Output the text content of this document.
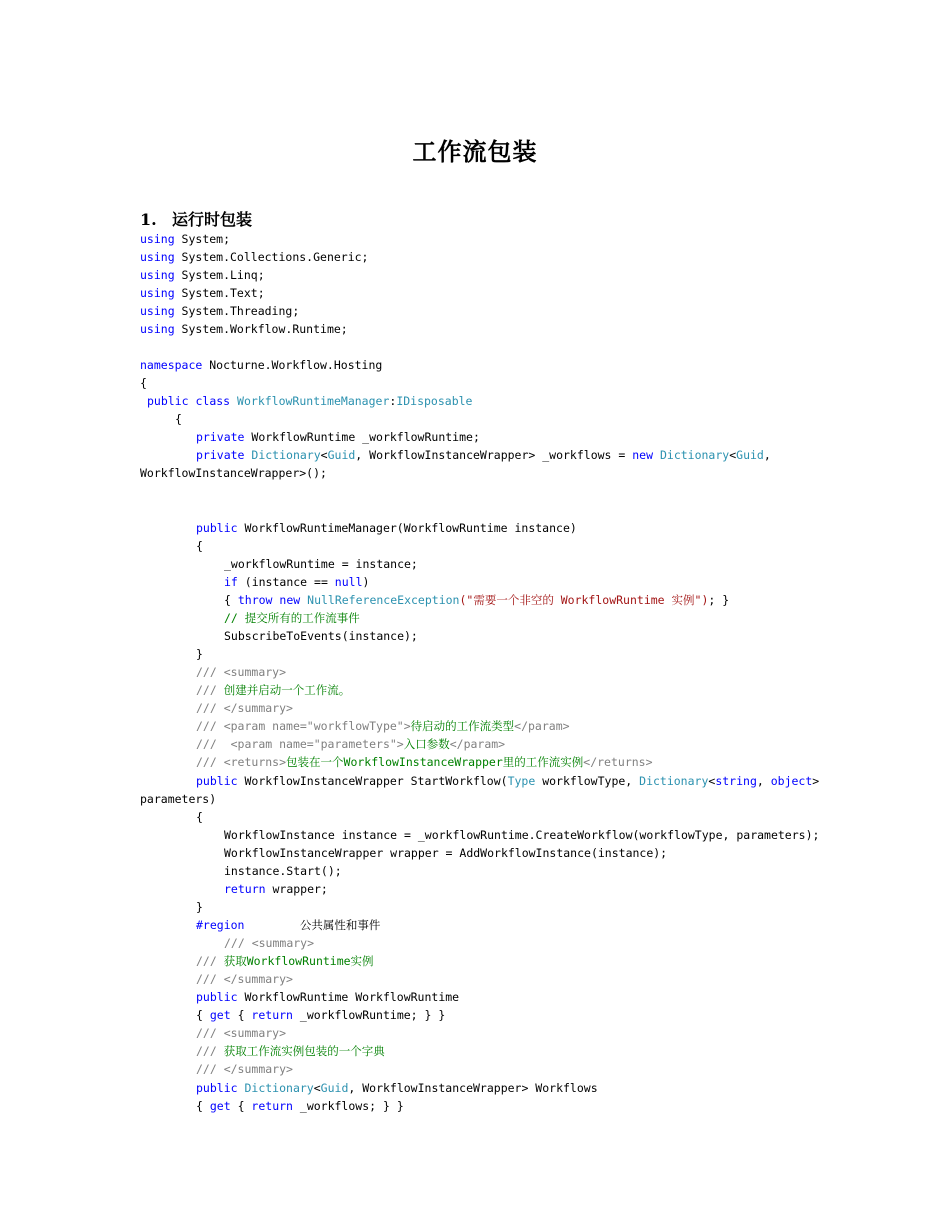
工作流包装
1. 运行时包装
using System;
using System.Collections.Generic;
using System.Linq;
using System.Text;
using System.Threading;
using System.Workflow.Runtime;
namespace Nocturne.Workflow.Hosting
{
public class WorkflowRuntimeManager:IDisposable
{
private WorkflowRuntime _workflowRuntime;
private Dictionary<Guid, WorkflowInstanceWrapper> _workflows = new Dictionary<Guid,
WorkflowInstanceWrapper>();
public WorkflowRuntimeManager(WorkflowRuntime instance)
{
_workflowRuntime = instance;
if (instance == null)
{ throw new NullReferenceException("需要一个非空的 WorkflowRuntime 实例"); }
// 提交所有的工作流事件
SubscribeToEvents(instance);
}
/// <summary>
/// 创建并启动一个工作流。
/// </summary>
/// <param name="workflowType">待启动的工作流类型</param>
///  <param name="parameters">入口参数</param>
/// <returns>包装在一个WorkflowInstanceWrapper里的工作流实例</returns>
public WorkflowInstanceWrapper StartWorkflow(Type workflowType, Dictionary<string, object>
parameters)
{
WorkflowInstance instance = _workflowRuntime.CreateWorkflow(workflowType, parameters);
WorkflowInstanceWrapper wrapper = AddWorkflowInstance(instance);
instance.Start();
return wrapper;
}
#region        公共属性和事件
/// <summary>
/// 获取WorkflowRuntime实例
/// </summary>
public WorkflowRuntime WorkflowRuntime
{ get { return _workflowRuntime; } }
/// <summary>
/// 获取工作流实例包装的一个字典
/// </summary>
public Dictionary<Guid, WorkflowInstanceWrapper> Workflows
{ get { return _workflows; } }
